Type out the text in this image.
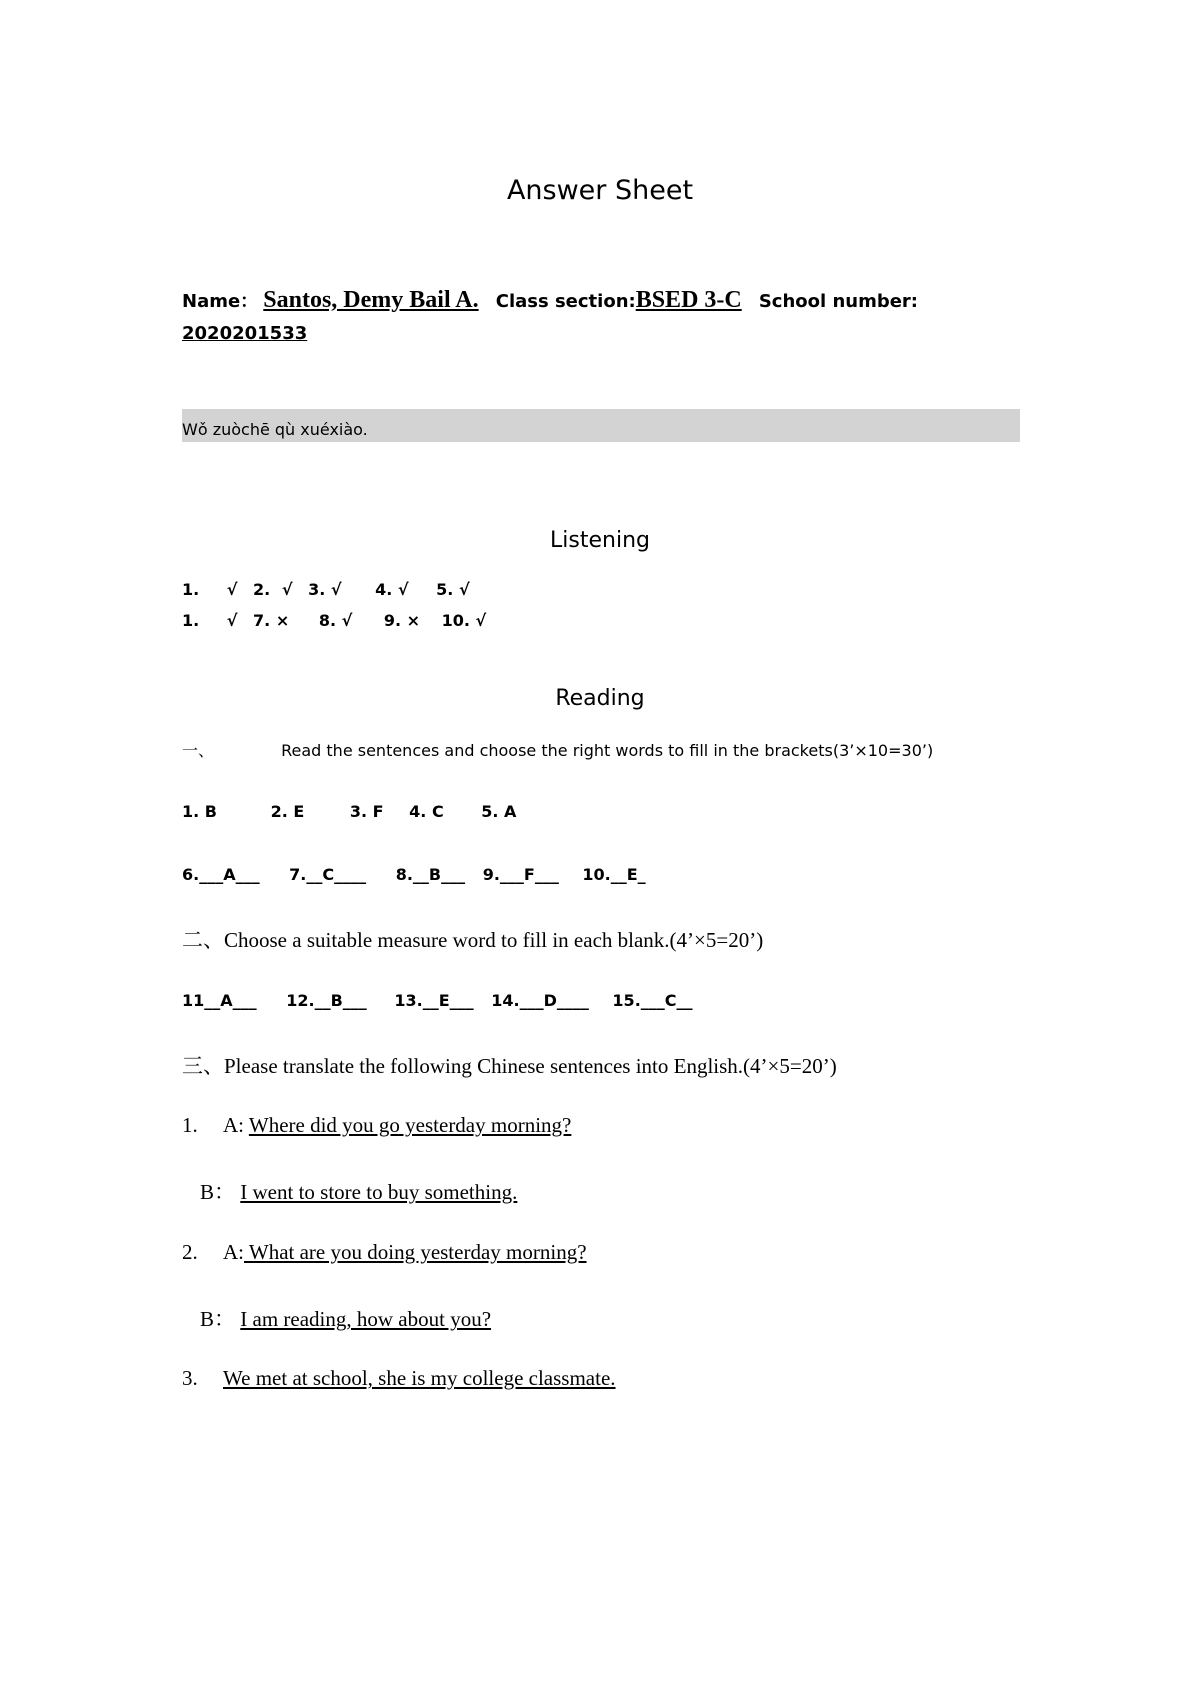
Answer Sheet
Name： Santos, Demy Bail A. Class section:BSED 3-C School number:
2020201533
Wǒ zuòchē qù xuéxiào.
Listening
1. √ 2. √ 3. √ 4. √ 5. √
1. √ 7. × 8. √ 9. × 10. √
Reading
一、	Read the sentences and choose the right words to fill in the brackets(3’×10=30’)
1. B	2. E	3. F 4. C 5. A
6.___A___ 7.__C____ 8.__B___ 9.___F___ 10.__E_
二、Choose a suitable measure word to fill in each blank.(4’×5=20’)
11__A___ 12.__B___ 13.__E___ 14.___D____ 15.___C__
三、Please translate the following Chinese sentences into English.(4’×5=20’)
1. A: Where did you go yesterday morning?
B： I went to store to buy something.
2. A: What are you doing yesterday morning?
B： I am reading, how about you?
3. We met at school, she is my college classmate.
